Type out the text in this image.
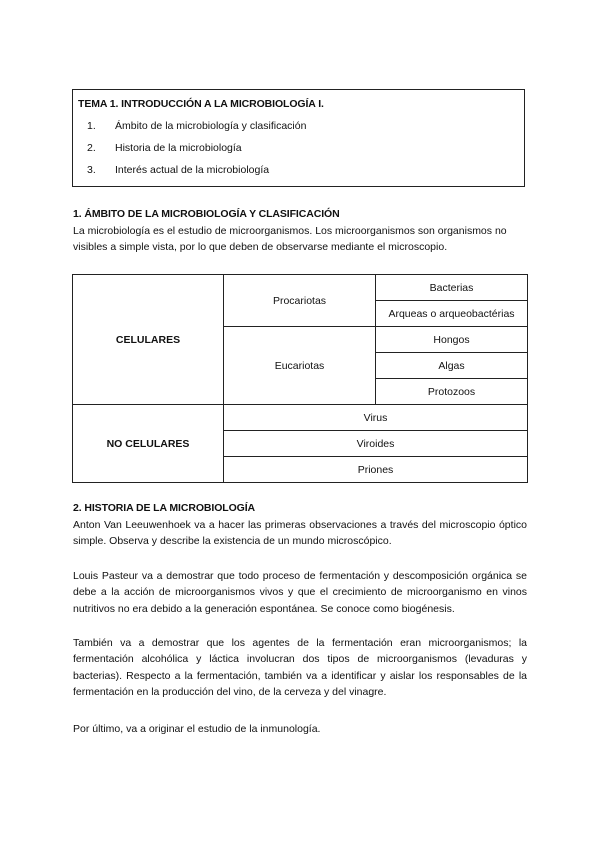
TEMA 1. INTRODUCCIÓN A LA MICROBIOLOGÍA I.
1. Ámbito de la microbiología y clasificación
2. Historia de la microbiología
3. Interés actual de la microbiología
1. ÁMBITO DE LA MICROBIOLOGÍA Y CLASIFICACIÓN
La microbiología es el estudio de microorganismos. Los microorganismos son organismos no visibles a simple vista, por lo que deben de observarse mediante el microscopio.
CELULARES	Procariotas	Bacterias
		Arqueas o arqueobactérias
	Eucariotas	Hongos
		Algas
		Protozoos
NO CELULARES	Virus	
	Viroides	
	Priones	
2. HISTORIA DE LA MICROBIOLOGÍA
Anton Van Leeuwenhoek va a hacer las primeras observaciones a través del microscopio óptico simple. Observa y describe la existencia de un mundo microscópico.
Louis Pasteur va a demostrar que todo proceso de fermentación y descomposición orgánica se debe a la acción de microorganismos vivos y que el crecimiento de microorganismo en vinos nutritivos no era debido a la generación espontánea. Se conoce como biogénesis.
También va a demostrar que los agentes de la fermentación eran microorganismos; la fermentación alcohólica y láctica involucran dos tipos de microorganismos (levaduras y bacterias). Respecto a la fermentación, también va a identificar y aislar los responsables de la fermentación en la producción del vino, de la cerveza y del vinagre.
Por último, va a originar el estudio de la inmunología.
